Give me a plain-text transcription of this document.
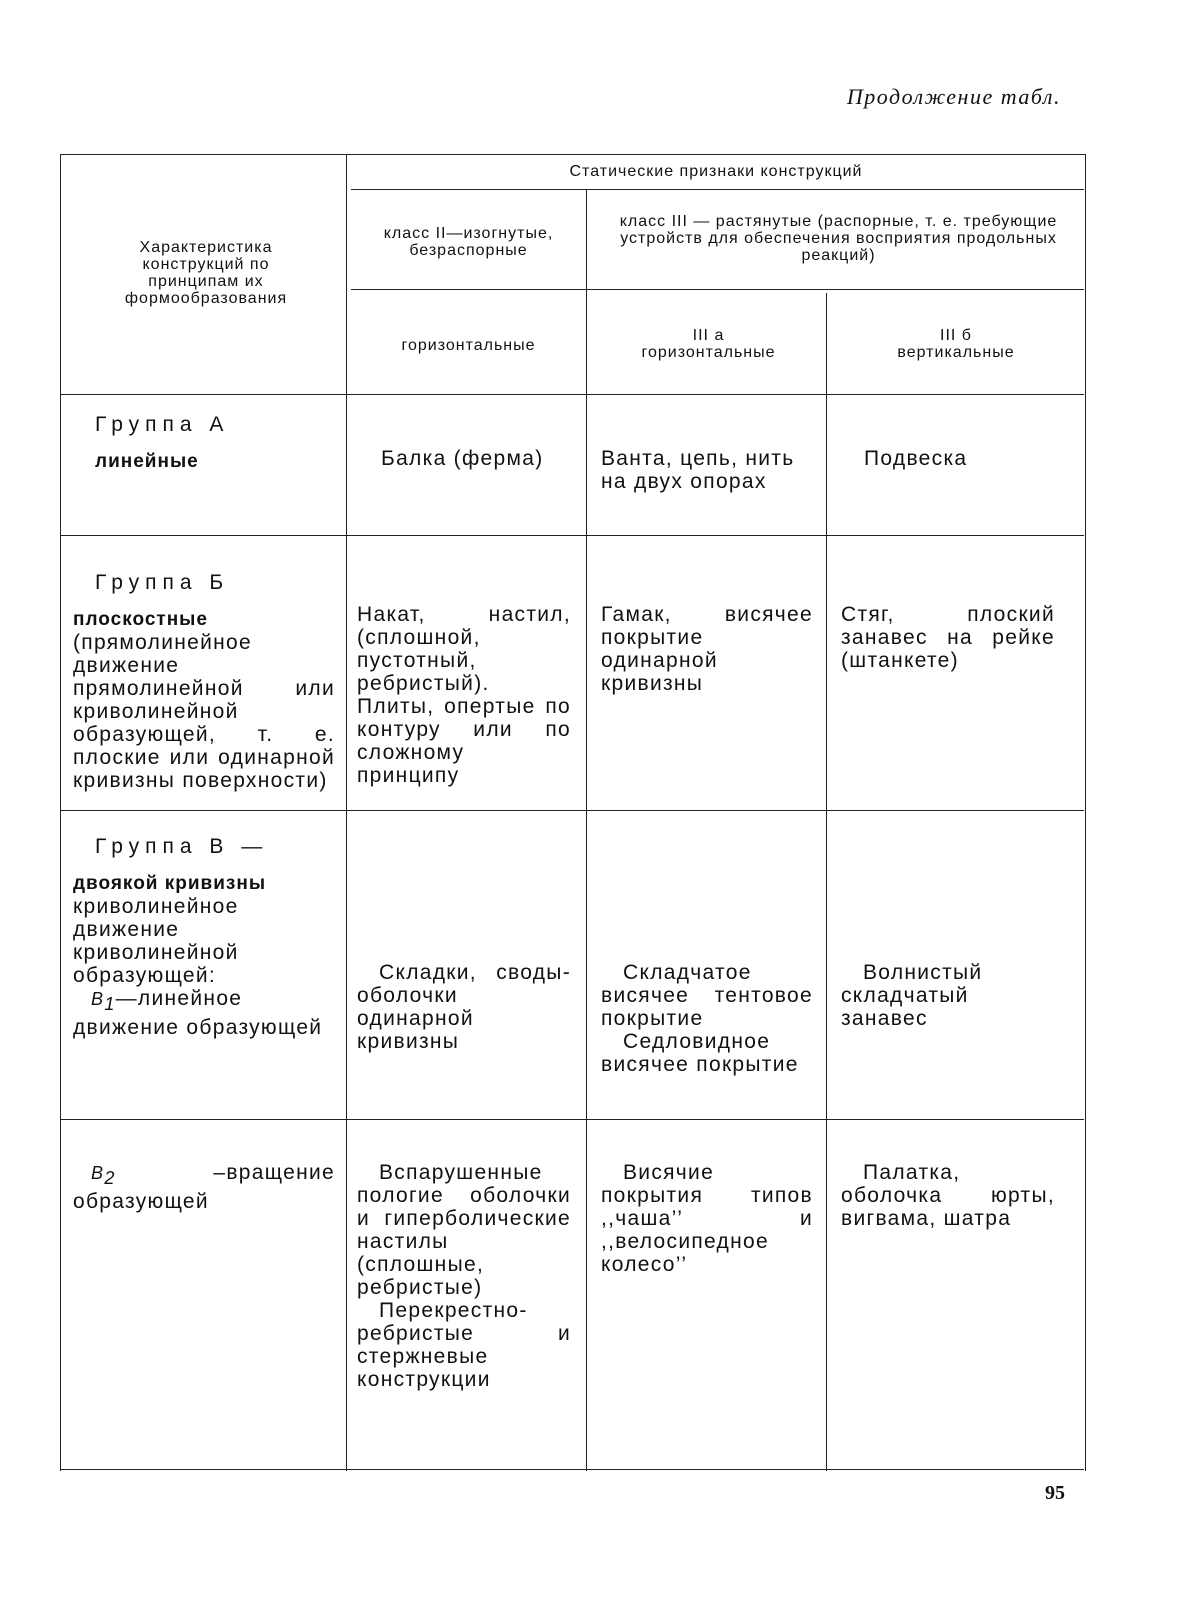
Продолжение табл.
Характеристика конструкций по принципам их формообразования
Статические признаки конструкций
класс II—изогнутые, безраспорные
класс III — растянутые (распорные, т. е. требующие устройств для обеспечения восприятия продольных реакций)
горизонтальные

III а

горизонтальные

III б

вертикальные

Группа А

линейные	Балка (ферма)	Ванта, цепь, нить на двух опорах
Подвеска

Группа Б

плоскостные

(прямолинейное движение прямолинейной или криволинейной образующей, т. е. плоские или одинарной кривизны поверхности)

Накат, настил, (сплошной, пустотный, ребристый). Плиты, опертые по контуру или по сложному принципу
Гамак, висячее покрытие одинарной кривизны
Стяг, плоский занавес на рейке (штанкете)

Группа В —

двоякой кривизны

криволинейное движение криволинейной образующей:

$В_1—линейное$ движение образующей

Складки, своды-оболочки одинарной кривизны

Складчатое висячее тентовое покрытие

Седловидное висячее покрытие

Волнистый складчатый занавес
$В_2$ –вращение образующей

Вспарушенные пологие оболочки и гиперболические настилы (сплошные, ребристые)

Перекрестно-ребристые и стержневые конструкции

Висячие покрытия типов ,,чаша’’ и ,,велосипедное колесо’’
Палатка, оболочка юрты, вигвама, шатра
95
